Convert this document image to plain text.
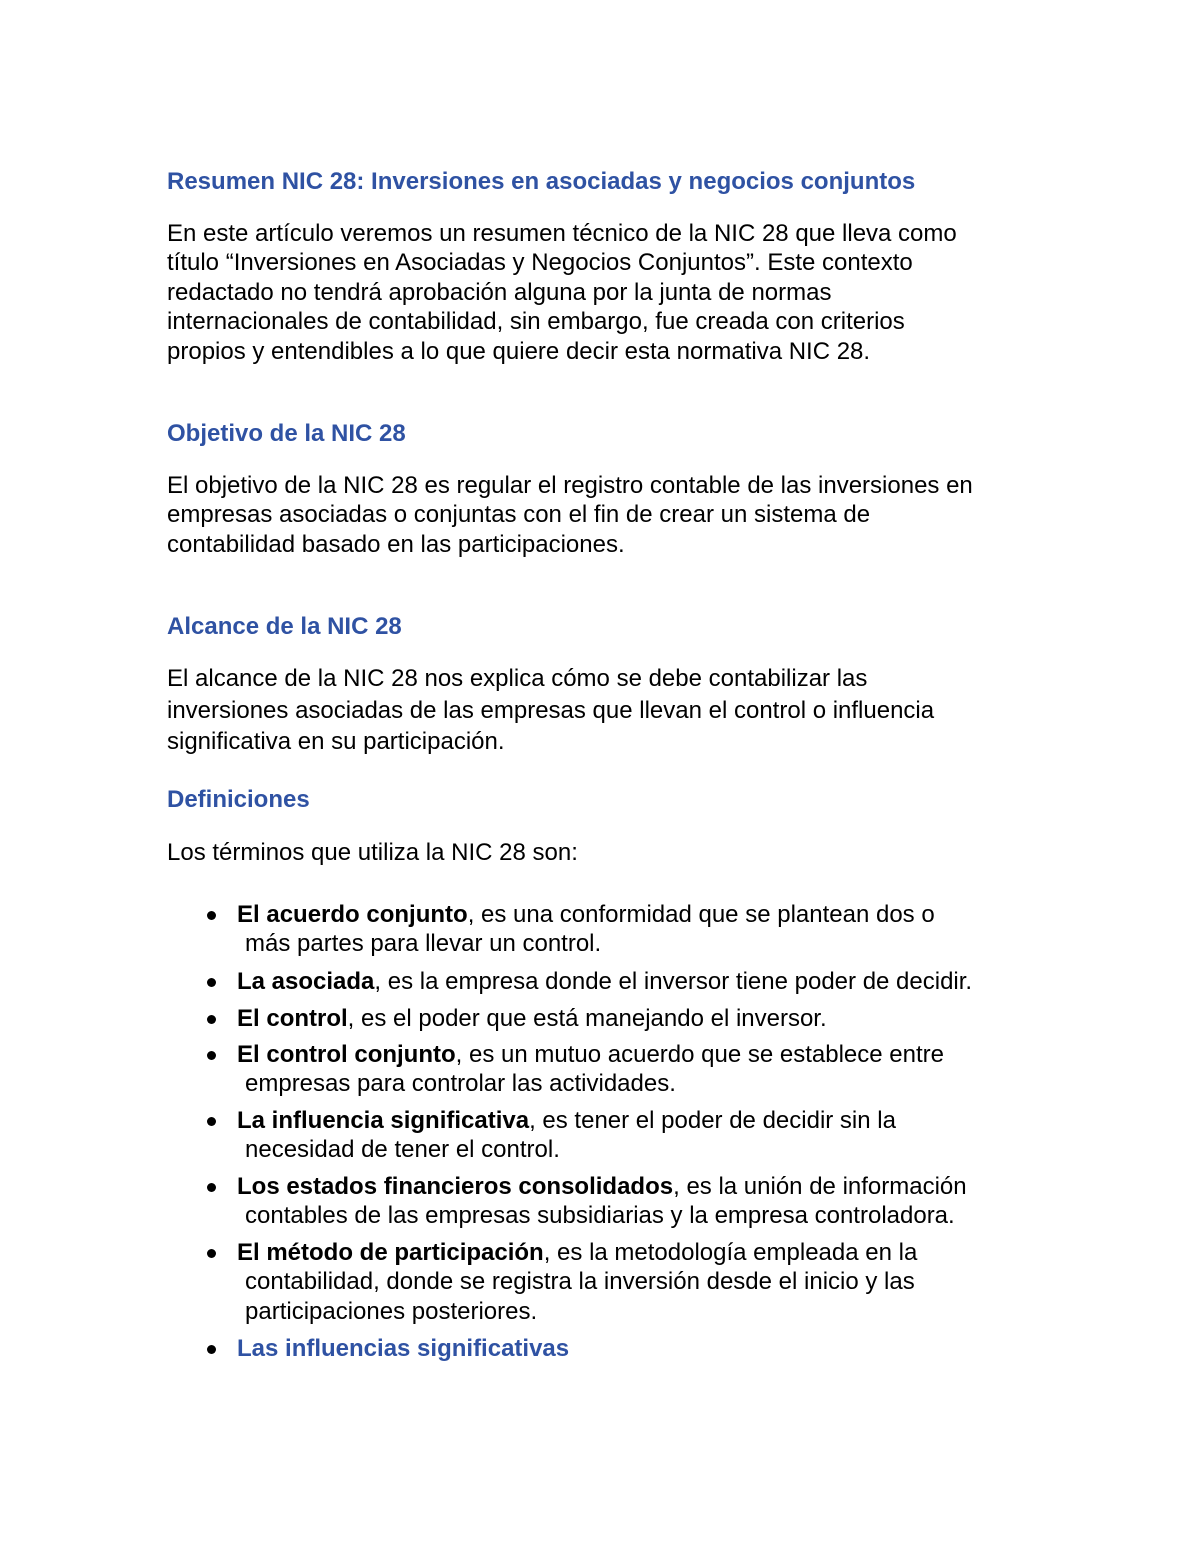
Resumen NIC 28: Inversiones en asociadas y negocios conjuntos

En este artículo veremos un resumen técnico de la NIC 28 que lleva como
título “Inversiones en Asociadas y Negocios Conjuntos”. Este contexto
redactado no tendrá aprobación alguna por la junta de normas
internacionales de contabilidad, sin embargo, fue creada con criterios
propios y entendibles a lo que quiere decir esta normativa NIC 28.

Objetivo de la NIC 28

El objetivo de la NIC 28 es regular el registro contable de las inversiones en
empresas asociadas o conjuntas con el fin de crear un sistema de
contabilidad basado en las participaciones.

Alcance de la NIC 28

El alcance de la NIC 28 nos explica cómo se debe contabilizar las
inversiones asociadas de las empresas que llevan el control o influencia
significativa en su participación.

Definiciones

Los términos que utiliza la NIC 28 son:

El acuerdo conjunto, es una conformidad que se plantean dos o
más partes para llevar un control.
La asociada, es la empresa donde el inversor tiene poder de decidir.
El control, es el poder que está manejando el inversor.
El control conjunto, es un mutuo acuerdo que se establece entre
empresas para controlar las actividades.
La influencia significativa, es tener el poder de decidir sin la
necesidad de tener el control.
Los estados financieros consolidados, es la unión de información
contables de las empresas subsidiarias y la empresa controladora.
El método de participación, es la metodología empleada en la
contabilidad, donde se registra la inversión desde el inicio y las
participaciones posteriores.
Las influencias significativas
